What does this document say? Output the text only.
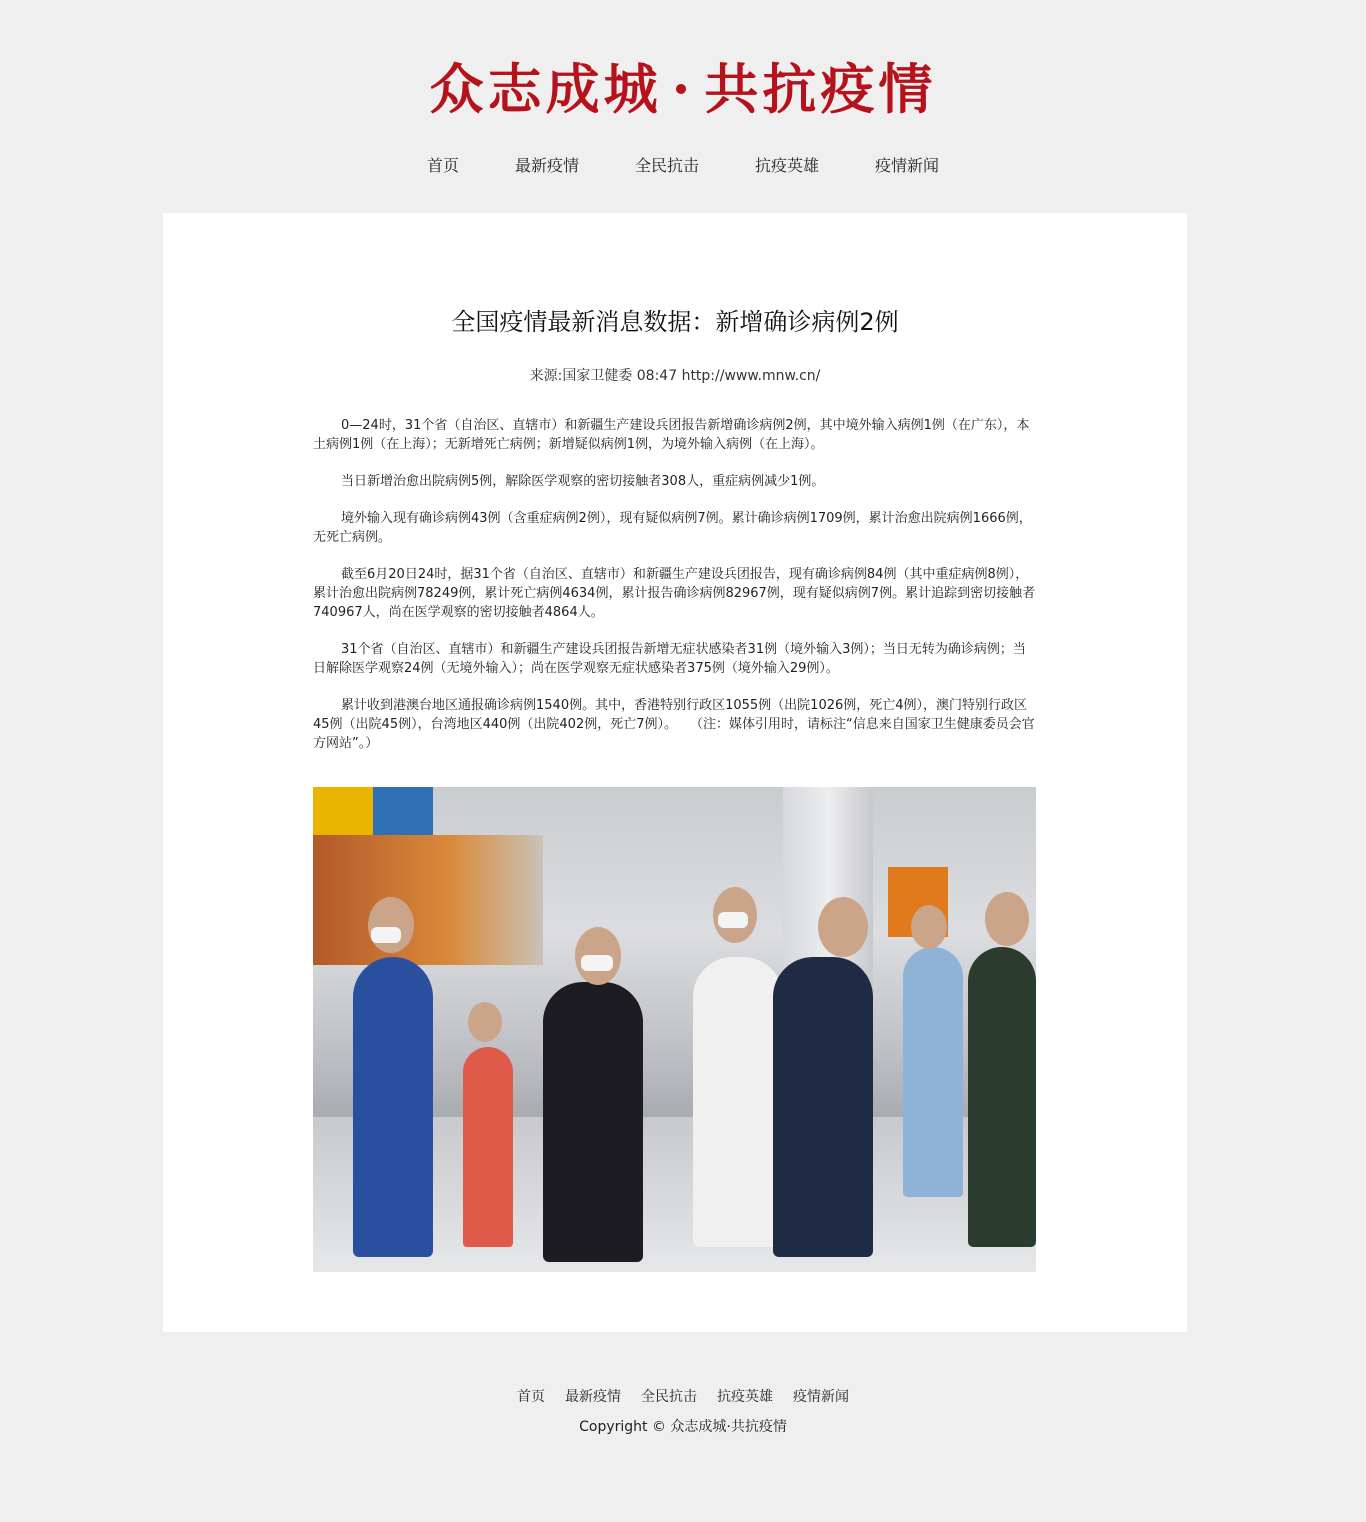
众志成城 · 共抗疫情
首页	最新疫情	全民抗击	抗疫英雄	疫情新闻
全国疫情最新消息数据：新增确诊病例2例
来源:国家卫健委 08:47 http://www.mnw.cn/

0—24时，31个省（自治区、直辖市）和新疆生产建设兵团报告新增确诊病例2例，其中境外输入病例1例（在广东），本土病例1例（在上海）；无新增死亡病例；新增疑似病例1例，为境外输入病例（在上海）。

当日新增治愈出院病例5例，解除医学观察的密切接触者308人，重症病例减少1例。

境外输入现有确诊病例43例（含重症病例2例），现有疑似病例7例。累计确诊病例1709例，累计治愈出院病例1666例，无死亡病例。

截至6月20日24时，据31个省（自治区、直辖市）和新疆生产建设兵团报告，现有确诊病例84例（其中重症病例8例），累计治愈出院病例78249例，累计死亡病例4634例，累计报告确诊病例82967例，现有疑似病例7例。累计追踪到密切接触者740967人，尚在医学观察的密切接触者4864人。

31个省（自治区、直辖市）和新疆生产建设兵团报告新增无症状感染者31例（境外输入3例）；当日无转为确诊病例；当日解除医学观察24例（无境外输入）；尚在医学观察无症状感染者375例（境外输入29例）。

累计收到港澳台地区通报确诊病例1540例。其中，香港特别行政区1055例（出院1026例，死亡4例），澳门特别行政区45例（出院45例），台湾地区440例（出院402例，死亡7例）。　　（注：媒体引用时，请标注“信息来自国家卫生健康委员会官方网站”。）

首页 最新疫情 全民抗击 抗疫英雄 疫情新闻
Copyright © 众志成城·共抗疫情
